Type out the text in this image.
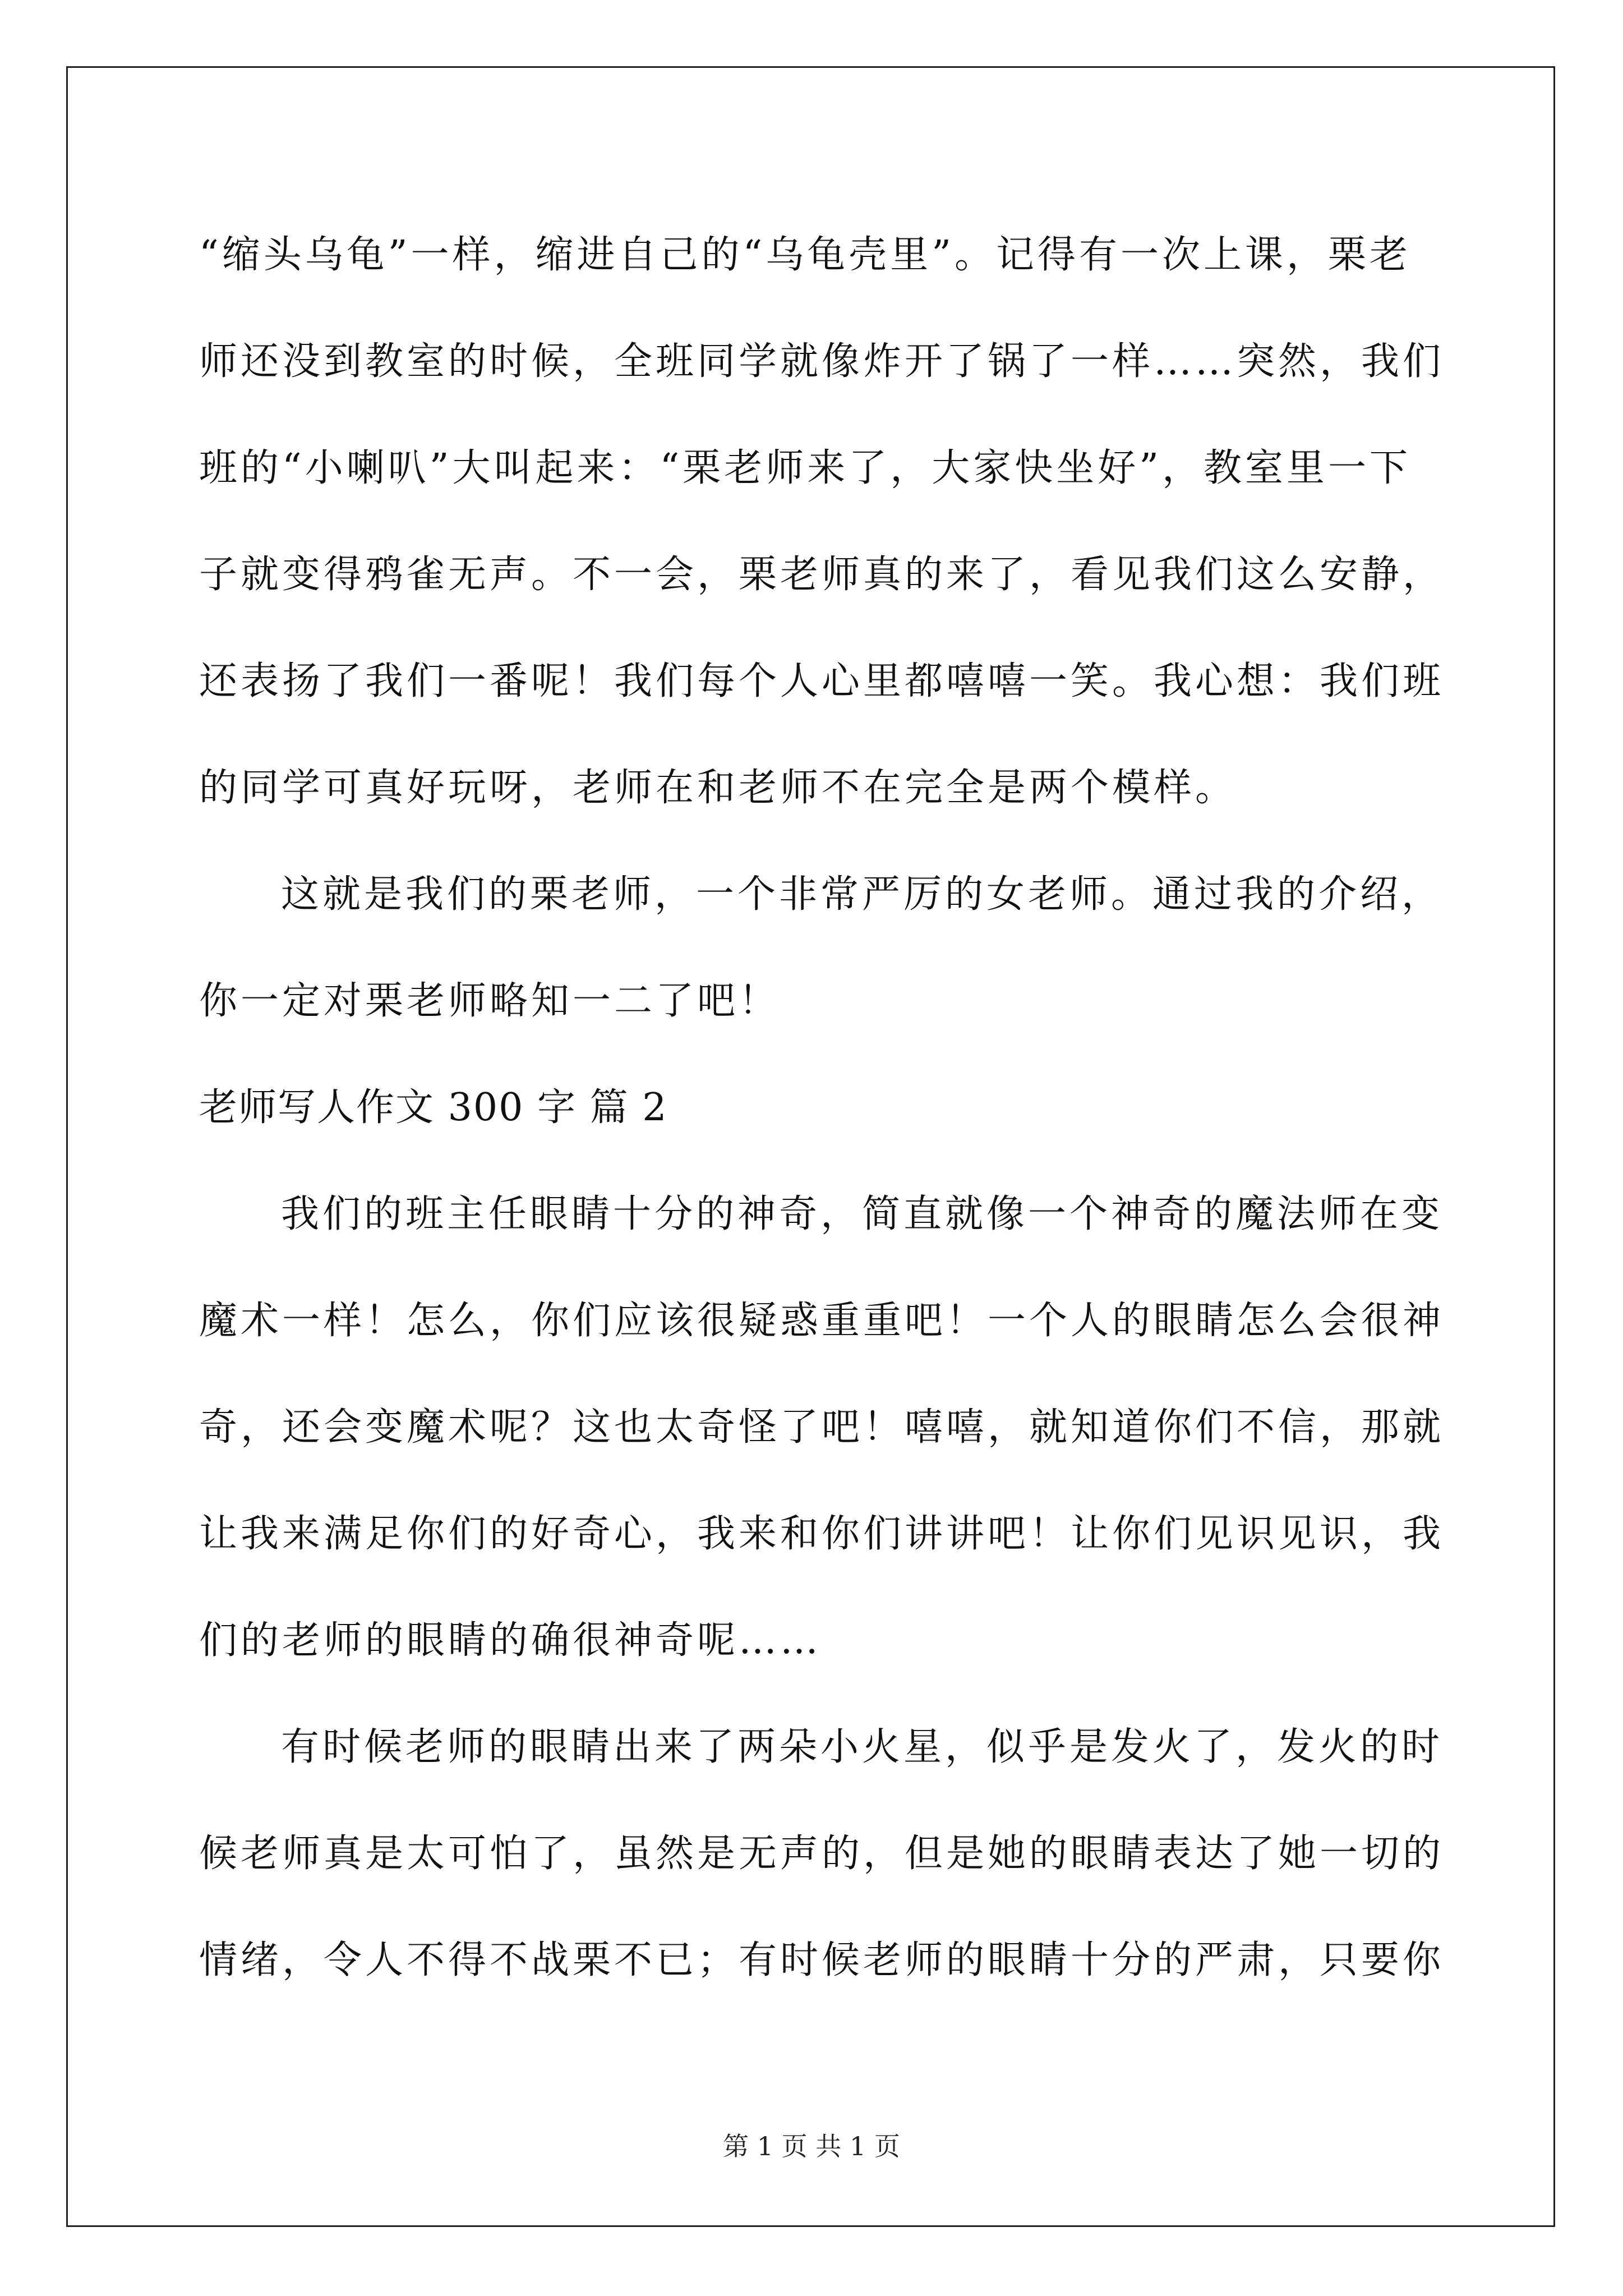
“缩头乌龟”一样，缩进自己的“乌龟壳里”。记得有一次上课，栗老
师还没到教室的时候，全班同学就像炸开了锅了一样……突然，我们
班的“小喇叭”大叫起来：“栗老师来了，大家快坐好”，教室里一下
子就变得鸦雀无声。不一会，栗老师真的来了，看见我们这么安静，
还表扬了我们一番呢！我们每个人心里都嘻嘻一笑。我心想：我们班
的同学可真好玩呀，老师在和老师不在完全是两个模样。
这就是我们的栗老师，一个非常严厉的女老师。通过我的介绍，
你一定对栗老师略知一二了吧！
老师写人作文 300 字 篇 2
我们的班主任眼睛十分的神奇，简直就像一个神奇的魔法师在变
魔术一样！怎么，你们应该很疑惑重重吧！一个人的眼睛怎么会很神
奇，还会变魔术呢？这也太奇怪了吧！嘻嘻，就知道你们不信，那就
让我来满足你们的好奇心，我来和你们讲讲吧！让你们见识见识，我
们的老师的眼睛的确很神奇呢……
有时候老师的眼睛出来了两朵小火星，似乎是发火了，发火的时
候老师真是太可怕了，虽然是无声的，但是她的眼睛表达了她一切的
情绪，令人不得不战栗不已；有时候老师的眼睛十分的严肃，只要你
第 1 页 共 1 页
